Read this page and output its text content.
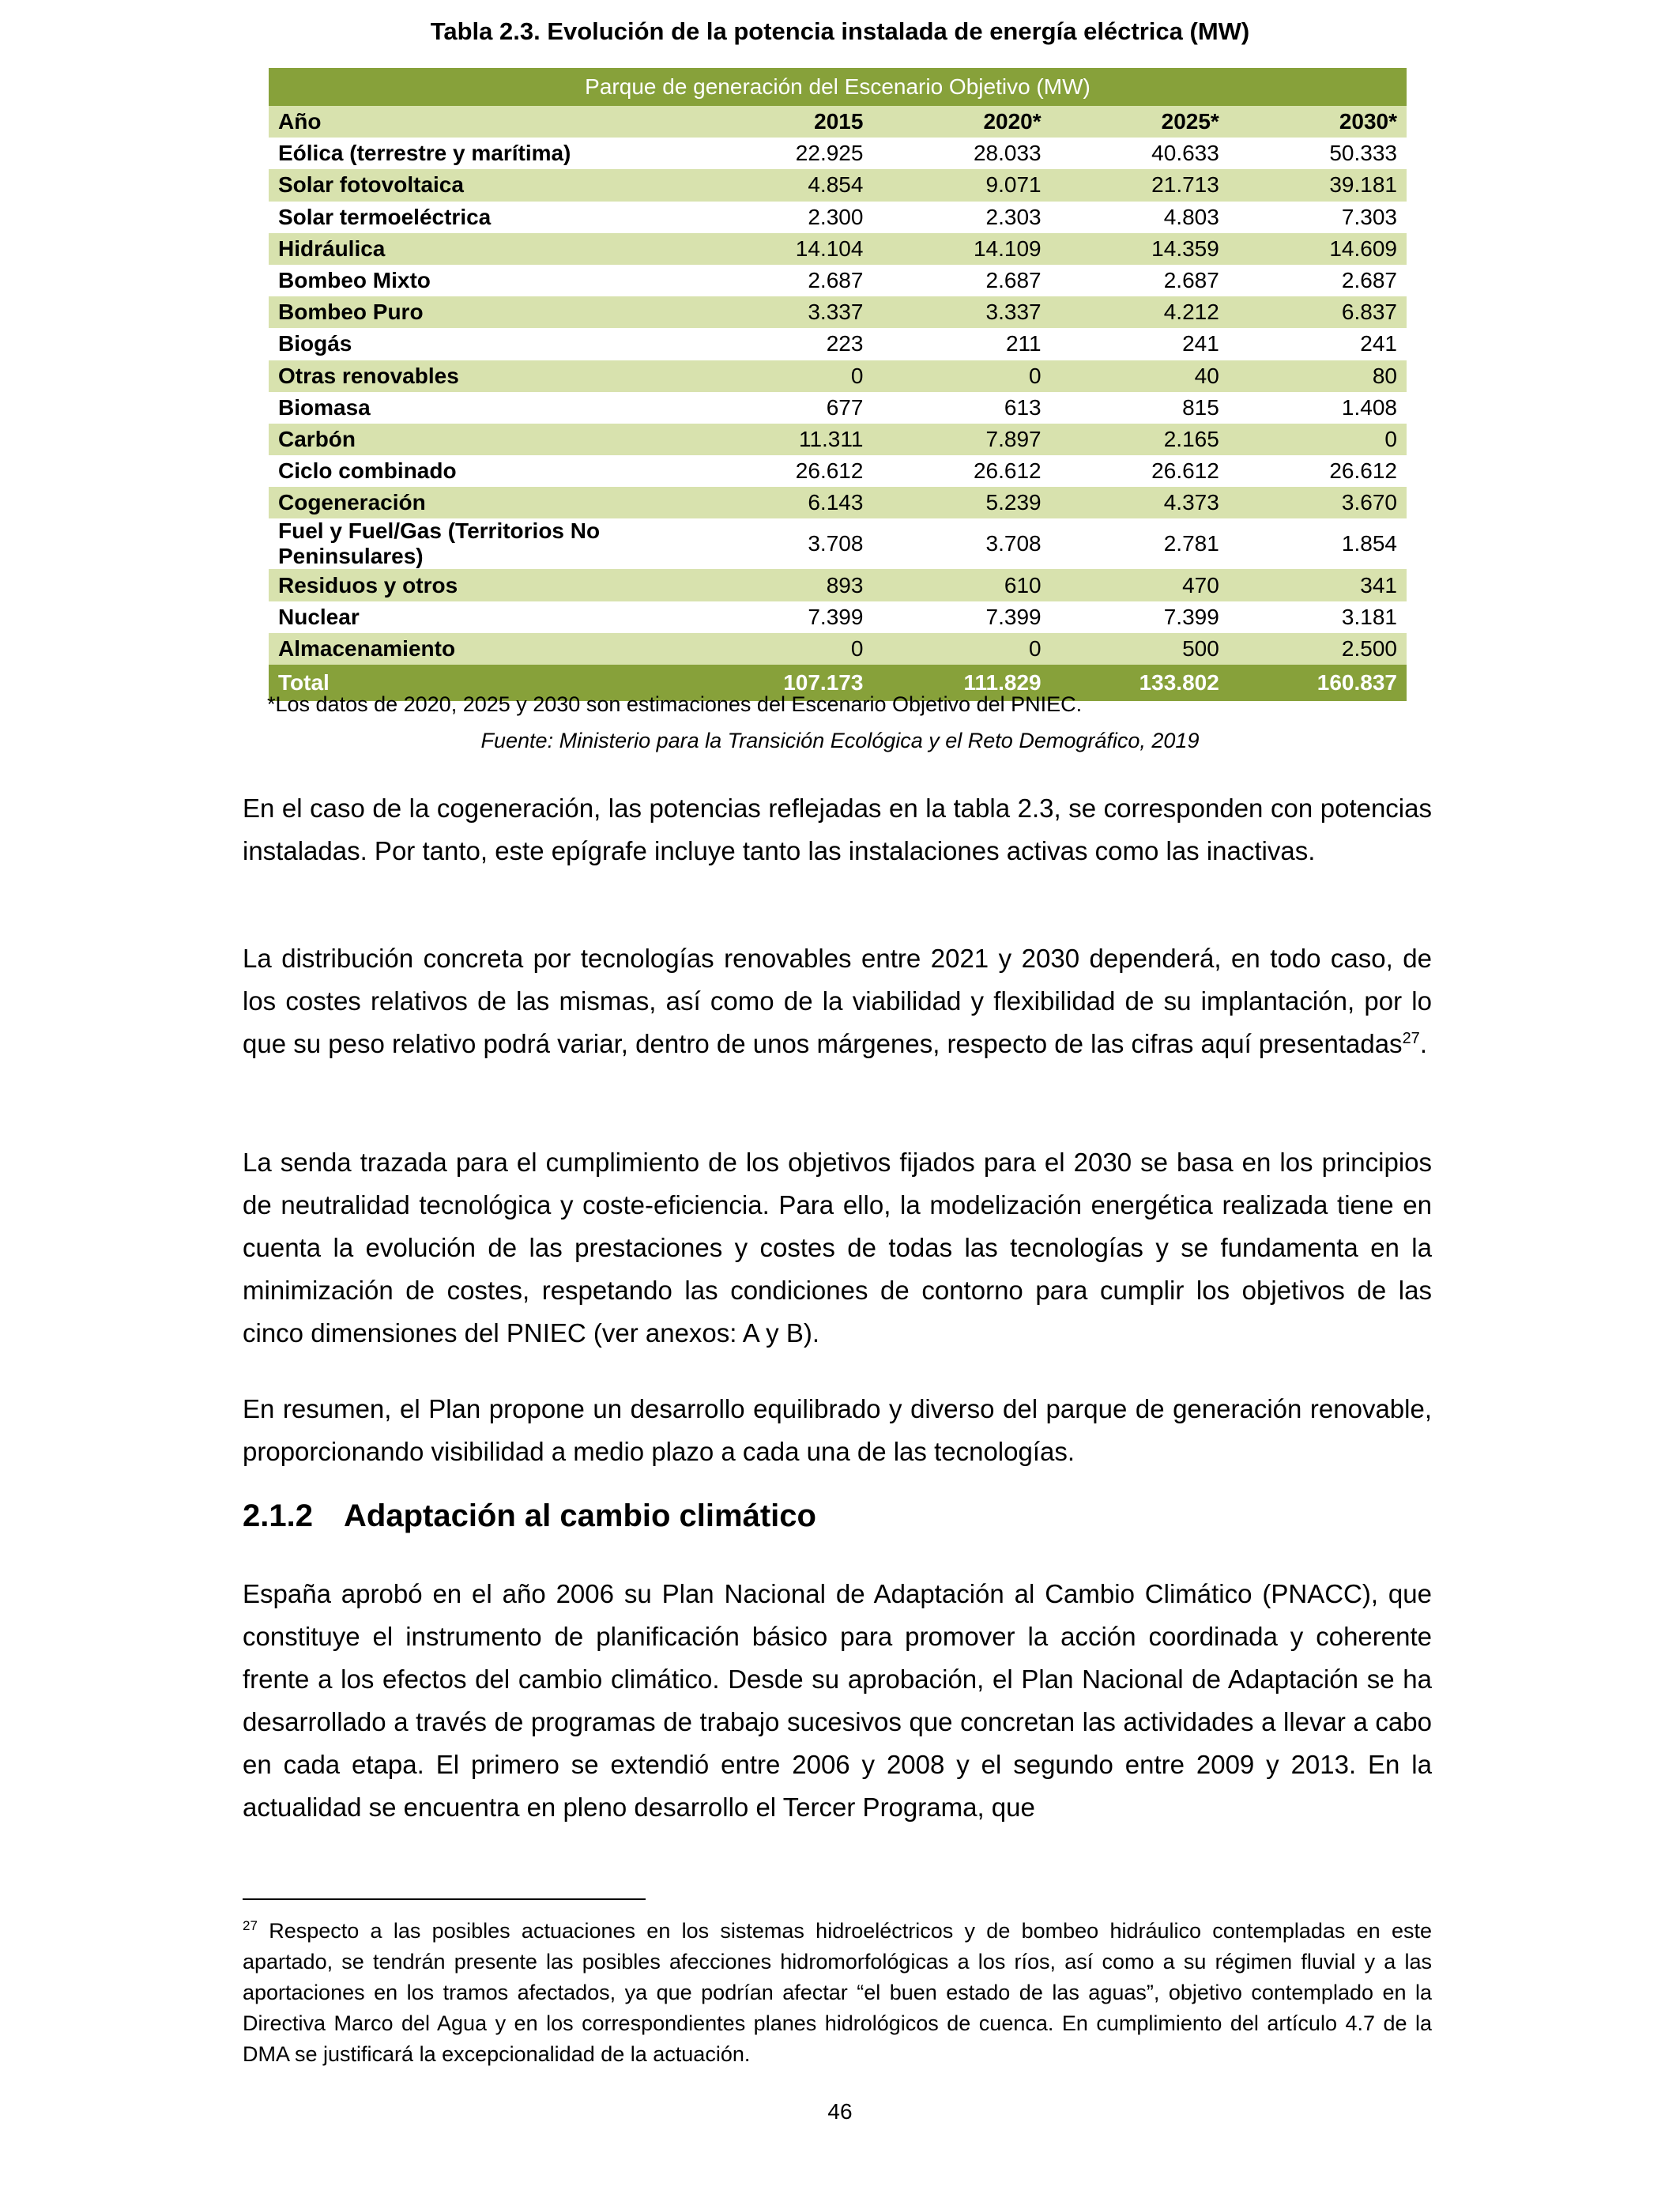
Tabla 2.3. Evolución de la potencia instalada de energía eléctrica (MW)
Parque de generación del Escenario Objetivo (MW)				
Año	2015	2020*	2025*	2030*
Eólica (terrestre y marítima)	22.925	28.033	40.633	50.333
Solar fotovoltaica	4.854	9.071	21.713	39.181
Solar termoeléctrica	2.300	2.303	4.803	7.303
Hidráulica	14.104	14.109	14.359	14.609
Bombeo Mixto	2.687	2.687	2.687	2.687
Bombeo Puro	3.337	3.337	4.212	6.837
Biogás	223	211	241	241
Otras renovables	0	0	40	80
Biomasa	677	613	815	1.408
Carbón	11.311	7.897	2.165	0
Ciclo combinado	26.612	26.612	26.612	26.612
Cogeneración	6.143	5.239	4.373	3.670
Fuel y Fuel/Gas (Territorios No Peninsulares)	3.708	3.708	2.781	1.854
Residuos y otros	893	610	470	341
Nuclear	7.399	7.399	7.399	3.181
Almacenamiento	0	0	500	2.500
Total	107.173	111.829	133.802	160.837
*Los datos de 2020, 2025 y 2030 son estimaciones del Escenario Objetivo del PNIEC.
Fuente: Ministerio para la Transición Ecológica y el Reto Demográfico, 2019

En el caso de la cogeneración, las potencias reflejadas en la tabla 2.3, se corresponden con potencias instaladas. Por tanto, este epígrafe incluye tanto las instalaciones activas como las inactivas.

La distribución concreta por tecnologías renovables entre 2021 y 2030 dependerá, en todo caso, de los costes relativos de las mismas, así como de la viabilidad y flexibilidad de su implantación, por lo que su peso relativo podrá variar, dentro de unos márgenes, respecto de las cifras aquí presentadas$^{27}$.

La senda trazada para el cumplimiento de los objetivos fijados para el 2030 se basa en los principios de neutralidad tecnológica y coste-eficiencia. Para ello, la modelización energética realizada tiene en cuenta la evolución de las prestaciones y costes de todas las tecnologías y se fundamenta en la minimización de costes, respetando las condiciones de contorno para cumplir los objetivos de las cinco dimensiones del PNIEC (ver anexos: A y B).

En resumen, el Plan propone un desarrollo equilibrado y diverso del parque de generación renovable, proporcionando visibilidad a medio plazo a cada una de las tecnologías.

2.1.2 Adaptación al cambio climático

España aprobó en el año 2006 su Plan Nacional de Adaptación al Cambio Climático (PNACC), que constituye el instrumento de planificación básico para promover la acción coordinada y coherente frente a los efectos del cambio climático. Desde su aprobación, el Plan Nacional de Adaptación se ha desarrollado a través de programas de trabajo sucesivos que concretan las actividades a llevar a cabo en cada etapa. El primero se extendió entre 2006 y 2008 y el segundo entre 2009 y 2013. En la actualidad se encuentra en pleno desarrollo el Tercer Programa, que

$^{27}$ Respecto a las posibles actuaciones en los sistemas hidroeléctricos y de bombeo hidráulico contempladas en este apartado, se tendrán presente las posibles afecciones hidromorfológicas a los ríos, así como a su régimen fluvial y a las aportaciones en los tramos afectados, ya que podrían afectar “el buen estado de las aguas”, objetivo contemplado en la Directiva Marco del Agua y en los correspondientes planes hidrológicos de cuenca. En cumplimiento del artículo 4.7 de la DMA se justificará la excepcionalidad de la actuación.

46
